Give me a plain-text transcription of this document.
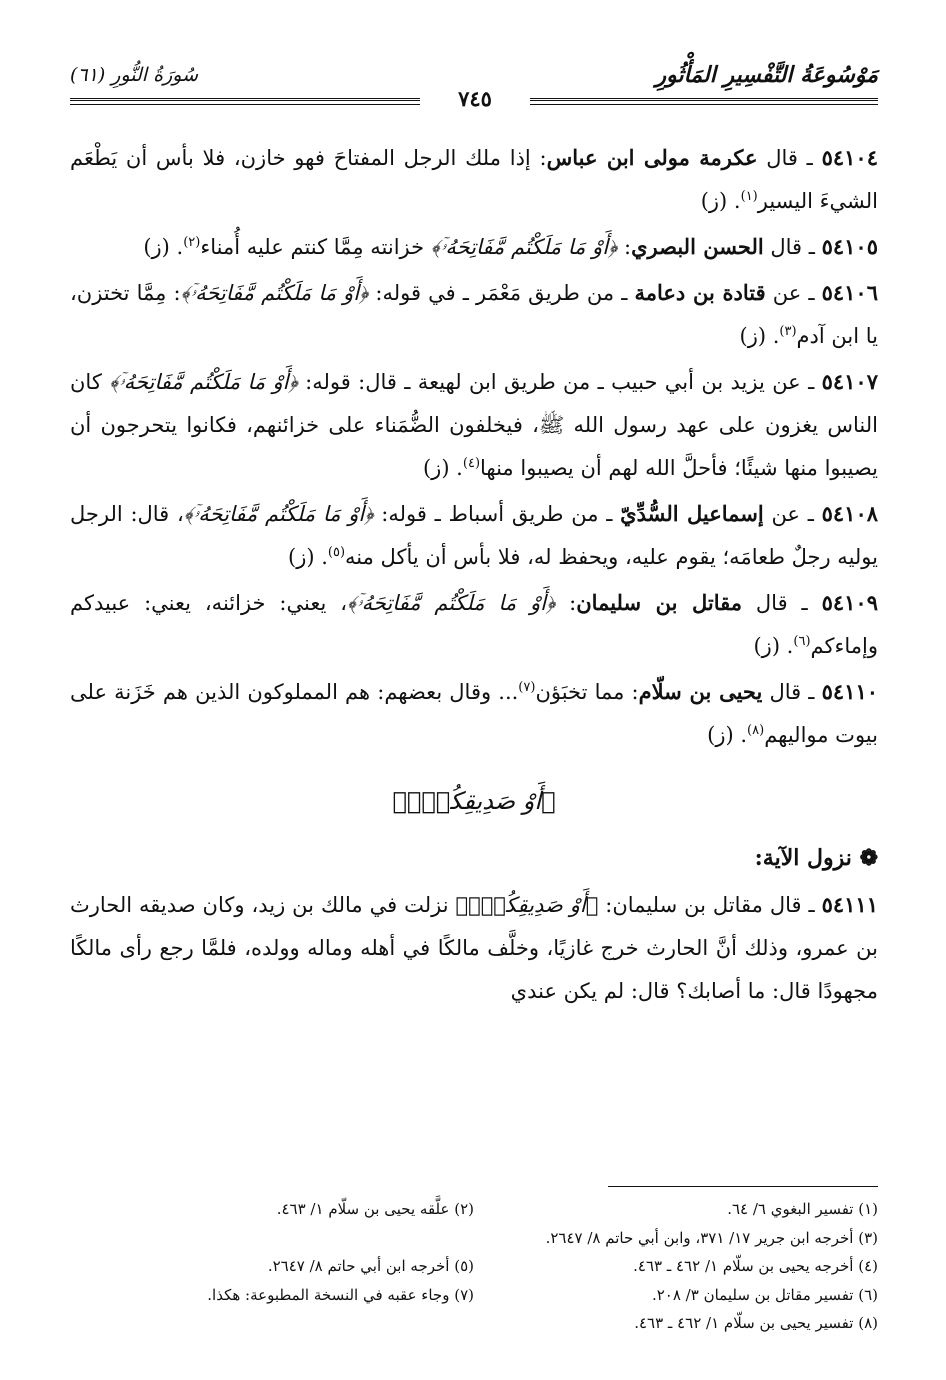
مَوْسُوعَةُ التَّفْسِيرِ المَأْثُورِ
٧٤٥
سُورَةُ النُّورِ (٦١)

٥٤١٠٤ ـ قال عكرمة مولى ابن عباس: إذا ملك الرجل المفتاحَ فهو خازن، فلا بأس أن يَطْعَم الشيءَ اليسير$^{(١)}$. (ز)

٥٤١٠٥ ـ قال الحسن البصري: ﴿أَوْ مَا مَلَكْتُم مَّفَاتِحَهُۥٓ﴾ خزانته مِمَّا كنتم عليه أُمناء$^{(٢)}$. (ز)

٥٤١٠٦ ـ عن قتادة بن دعامة ـ من طريق مَعْمَر ـ في قوله: ﴿أَوْ مَا مَلَكْتُم مَّفَاتِحَهُۥٓ﴾: مِمَّا تختزن، يا ابن آدم$^{(٣)}$. (ز)

٥٤١٠٧ ـ عن يزيد بن أبي حبيب ـ من طريق ابن لهيعة ـ قال: قوله: ﴿أَوْ مَا مَلَكْتُم مَّفَاتِحَهُۥٓ﴾ كان الناس يغزون على عهد رسول الله ﷺ، فيخلفون الضُّمَناء على خزائنهم، فكانوا يتحرجون أن يصيبوا منها شيئًا؛ فأحلَّ الله لهم أن يصيبوا منها$^{(٤)}$. (ز)

٥٤١٠٨ ـ عن إسماعيل السُّدِّيّ ـ من طريق أسباط ـ قوله: ﴿أَوْ مَا مَلَكْتُم مَّفَاتِحَهُۥٓ﴾، قال: الرجل يوليه رجلٌ طعامَه؛ يقوم عليه، ويحفظ له، فلا بأس أن يأكل منه$^{(٥)}$. (ز)

٥٤١٠٩ ـ قال مقاتل بن سليمان: ﴿أَوْ مَا مَلَكْتُم مَّفَاتِحَهُۥٓ﴾، يعني: خزائنه، يعني: عبيدكم وإماءكم$^{(٦)}$. (ز)

٥٤١١٠ ـ قال يحيى بن سلّام: مما تخبَؤن$^{(٧)}$... وقال بعضهم: هم المملوكون الذين هم خَزَنة على بيوت مواليهم$^{(٨)}$. (ز)

﴿أَوْ صَدِيقِكُمْۚ﴾
❁ نزول الآية:

٥٤١١١ ـ قال مقاتل بن سليمان: ﴿أَوْ صَدِيقِكُمْۚ﴾ نزلت في مالك بن زيد، وكان صديقه الحارث بن عمرو، وذلك أنَّ الحارث خرج غازيًا، وخلَّف مالكًا في أهله وماله وولده، فلمَّا رجع رأى مالكًا مجهودًا قال: ما أصابك؟ قال: لم يكن عندي

(١) تفسير البغوي ٦/ ٦٤.
(٢) علَّقه يحيى بن سلّام ١/ ٤٦٣.
(٣) أخرجه ابن جرير ١٧/ ٣٧١، وابن أبي حاتم ٨/ ٢٦٤٧.
(٤) أخرجه يحيى بن سلّام ١/ ٤٦٢ ـ ٤٦٣.
(٥) أخرجه ابن أبي حاتم ٨/ ٢٦٤٧.
(٦) تفسير مقاتل بن سليمان ٣/ ٢٠٨.
(٧) وجاء عقبه في النسخة المطبوعة: هكذا.
(٨) تفسير يحيى بن سلّام ١/ ٤٦٢ ـ ٤٦٣.
